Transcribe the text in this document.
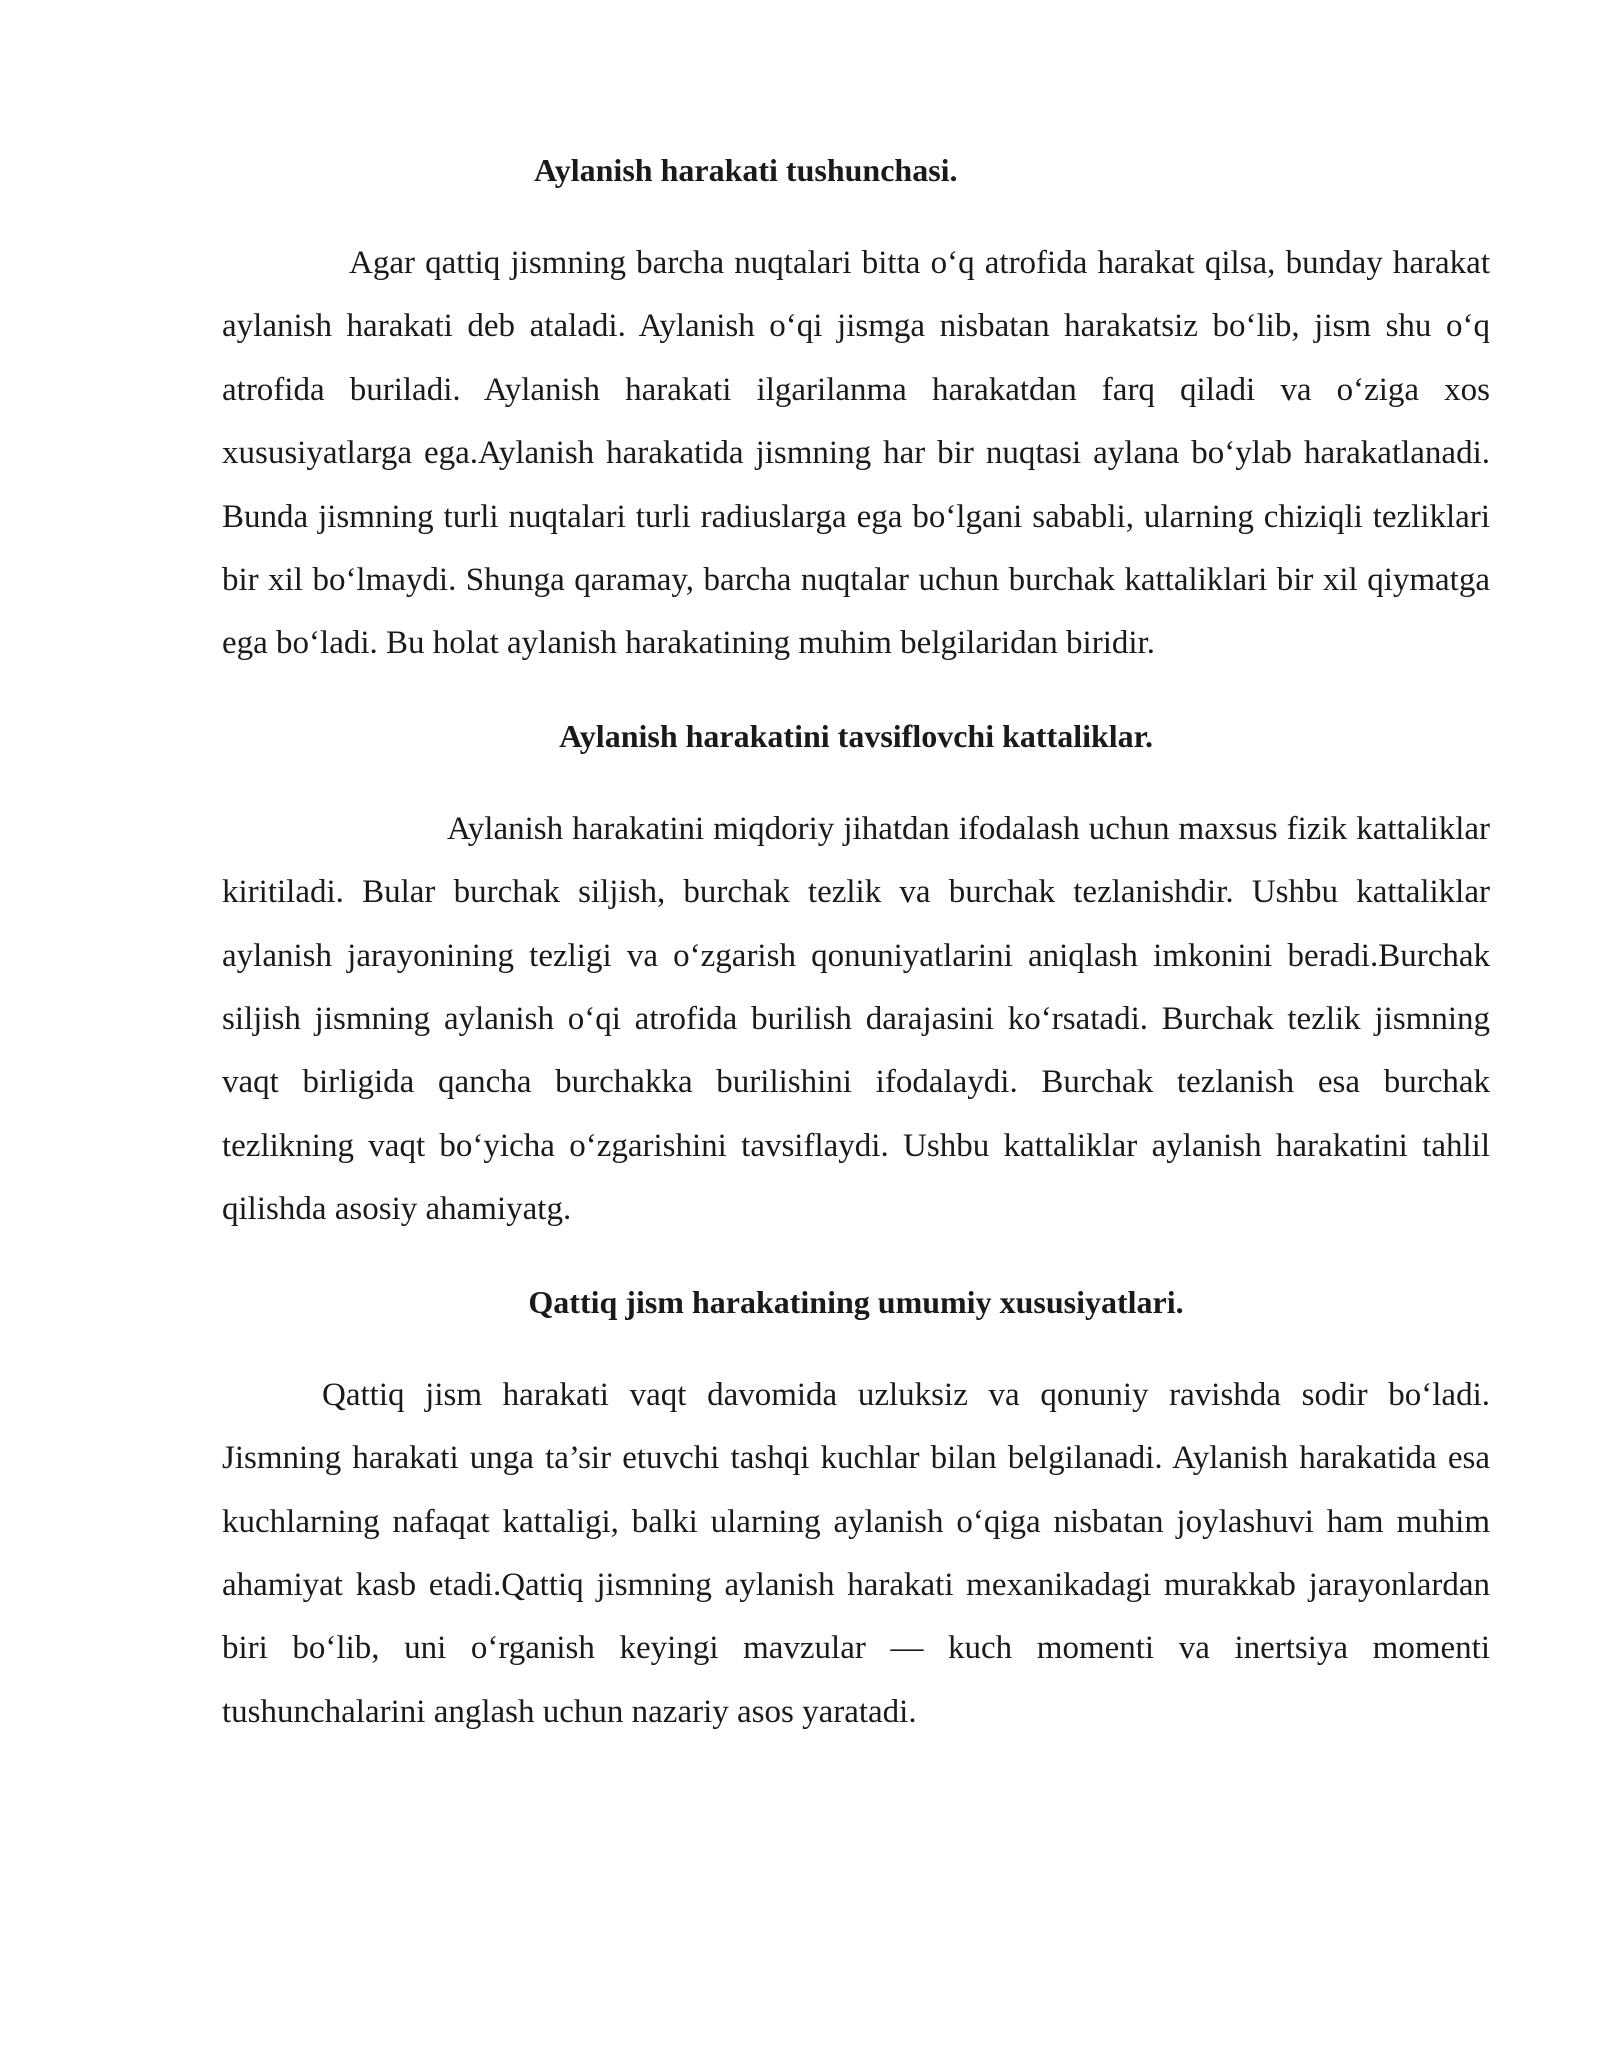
Aylanish harakati tushunchasi.

Agar qattiq jismning barcha nuqtalari bitta o‘q atrofida harakat qilsa, bunday harakat aylanish harakati deb ataladi. Aylanish o‘qi jismga nisbatan harakatsiz bo‘lib, jism shu o‘q atrofida buriladi. Aylanish harakati ilgarilanma harakatdan farq qiladi va o‘ziga xos xususiyatlarga ega.Aylanish harakatida jismning har bir nuqtasi aylana bo‘ylab harakatlanadi. Bunda jismning turli nuqtalari turli radiuslarga ega bo‘lgani sababli, ularning chiziqli tezliklari bir xil bo‘lmaydi. Shunga qaramay, barcha nuqtalar uchun burchak kattaliklari bir xil qiymatga ega bo‘ladi. Bu holat aylanish harakatining muhim belgilaridan biridir.

Aylanish harakatini tavsiflovchi kattaliklar.

Aylanish harakatini miqdoriy jihatdan ifodalash uchun maxsus fizik kattaliklar kiritiladi. Bular burchak siljish, burchak tezlik va burchak tezlanishdir. Ushbu kattaliklar aylanish jarayonining tezligi va o‘zgarish qonuniyatlarini aniqlash imkonini beradi.Burchak siljish jismning aylanish o‘qi atrofida burilish darajasini ko‘rsatadi. Burchak tezlik jismning vaqt birligida qancha burchakka burilishini ifodalaydi. Burchak tezlanish esa burchak tezlikning vaqt bo‘yicha o‘zgarishini tavsiflaydi. Ushbu kattaliklar aylanish harakatini tahlil qilishda asosiy ahamiyatg.

Qattiq jism harakatining umumiy xususiyatlari.

Qattiq jism harakati vaqt davomida uzluksiz va qonuniy ravishda sodir bo‘ladi. Jismning harakati unga ta’sir etuvchi tashqi kuchlar bilan belgilanadi. Aylanish harakatida esa kuchlarning nafaqat kattaligi, balki ularning aylanish o‘qiga nisbatan joylashuvi ham muhim ahamiyat kasb etadi.Qattiq jismning aylanish harakati mexanikadagi murakkab jarayonlardan biri bo‘lib, uni o‘rganish keyingi mavzular — kuch momenti va inertsiya momenti tushunchalarini anglash uchun nazariy asos yaratadi.
